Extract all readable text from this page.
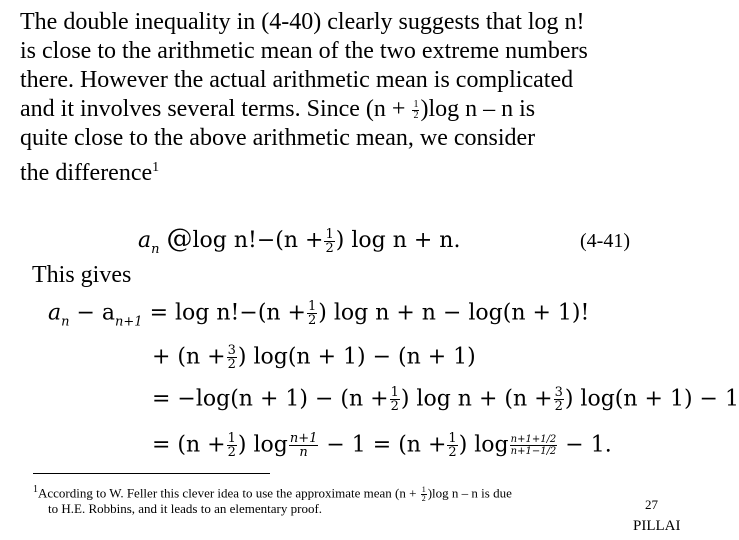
The double inequality in (4-40) clearly suggests that log n!
is close to the arithmetic mean of the two extreme numbers
there. However the actual arithmetic mean is complicated
and it involves several terms. Since $(n + \frac{1}{2} )\log$ n – n is
quite close to the above arithmetic mean, we consider
the difference$^1$
$a_n$ @log $n!-(n + \frac{1}{2}$ ) log n + n.	(4-41)
This gives
$a_n - a_{n+1} = \log n!-(n + \frac{1}{2}$ ) log n + n − log(n + 1)!
+ ($n + \frac{3}{2}$ ) log(n + 1) − (n + 1)
= $-\log(n + 1) - (n + \frac{1}{2}$ ) $\log n + (n + \frac{3}{2}$ ) log(n + 1) − 1
= ($n + \frac{1}{2}$ ) $\log \frac{n+1}{n} - 1 = (n + \frac{1}{2}$ ) $\log \frac{n+1+1/2}{n+1-1/2} - 1$.
$^1$According to W. Feller this clever idea to use the approximate mean $(n + \frac{1}{2} )\log$ n – n is due
to H.E. Robbins, and it leads to an elementary proof.	27
PILLAI
